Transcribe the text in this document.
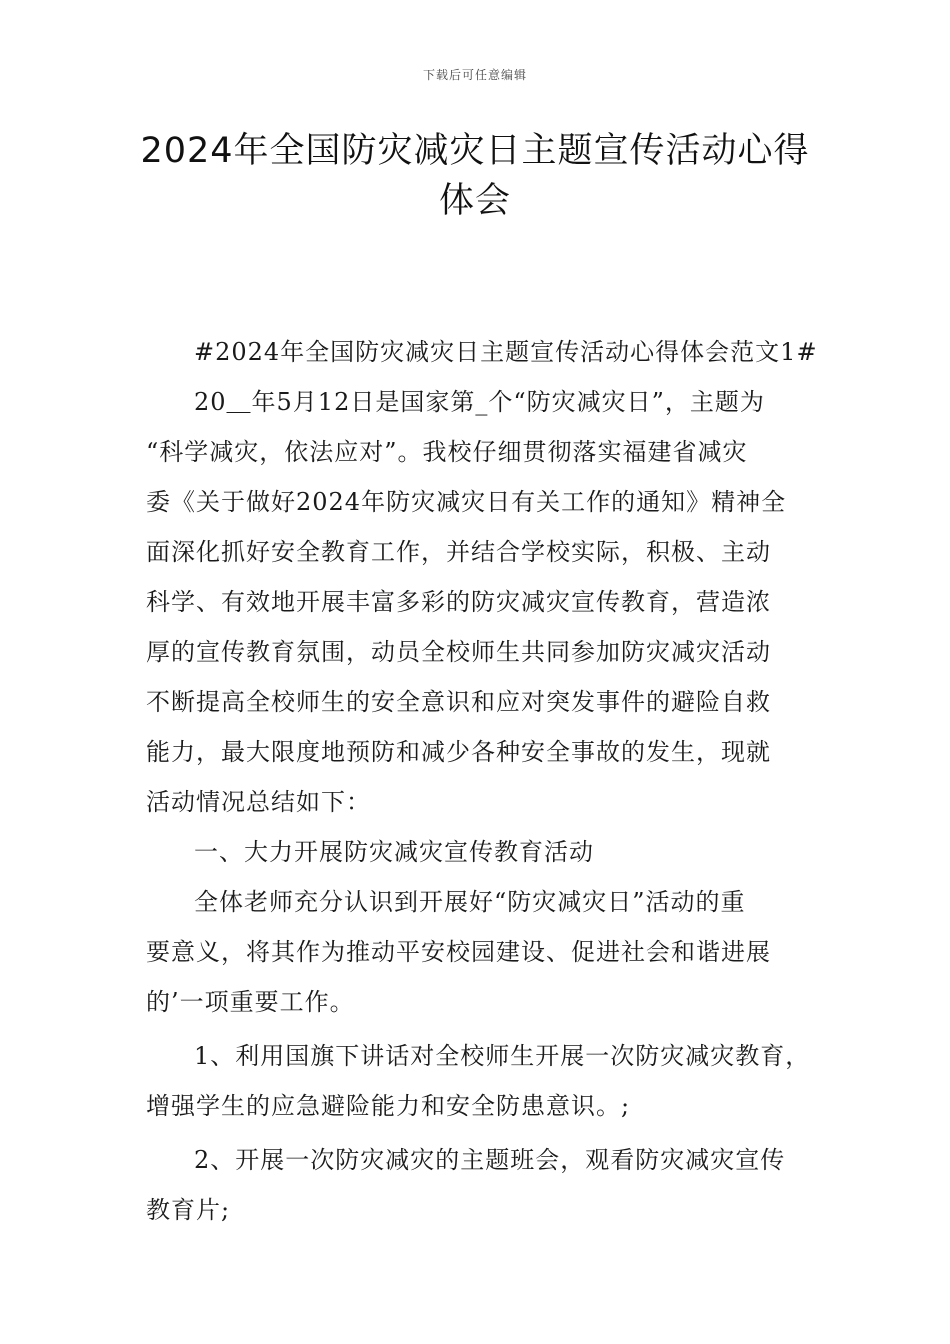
下载后可任意编辑
2024年全国防灾减灾日主题宣传活动心得
体会

#2024年全国防灾减灾日主题宣传活动心得体会范文1#

20＿年5月12日是国家第_个“防灾减灾日”，主题为
“科学减灾，依法应对”。我校仔细贯彻落实福建省减灾
委《关于做好2024年防灾减灾日有关工作的通知》精神全
面深化抓好安全教育工作，并结合学校实际，积极、主动
科学、有效地开展丰富多彩的防灾减灾宣传教育，营造浓
厚的宣传教育氛围，动员全校师生共同参加防灾减灾活动
不断提高全校师生的安全意识和应对突发事件的避险自救
能力，最大限度地预防和减少各种安全事故的发生，现就
活动情况总结如下：

一、大力开展防灾减灾宣传教育活动

全体老师充分认识到开展好“防灾减灾日”活动的重
要意义，将其作为推动平安校园建设、促进社会和谐进展
的’一项重要工作。

1、利用国旗下讲话对全校师生开展一次防灾减灾教育，
增强学生的应急避险能力和安全防患意识。;

2、开展一次防灾减灾的主题班会，观看防灾减灾宣传
教育片;
